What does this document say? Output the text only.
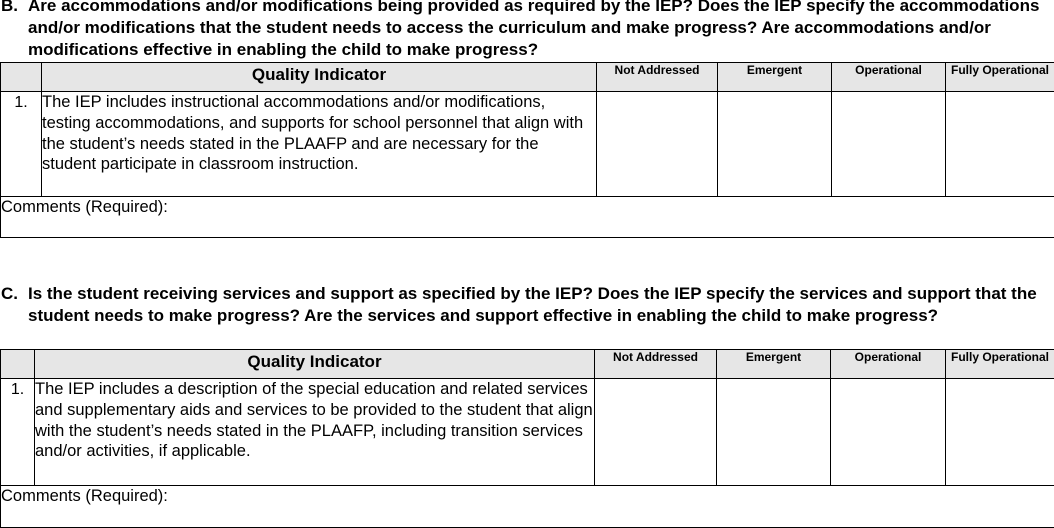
B. Are accommodations and/or modifications being provided as required by the IEP? Does the IEP specify the accommodations and/or modifications that the student needs to access the curriculum and make progress? Are accommodations and/or modifications effective in enabling the child to make progress?
	Quality Indicator	Not Addressed	Emergent	Operational	Fully Operational
1.	The IEP includes instructional accommodations and/or modifications, testing accommodations, and supports for school personnel that align with the student’s needs stated in the PLAAFP and are necessary for the student participate in classroom instruction.				
Comments (Required):					
C. Is the student receiving services and support as specified by the IEP? Does the IEP specify the services and support that the student needs to make progress? Are the services and support effective in enabling the child to make progress?
	Quality Indicator	Not Addressed	Emergent	Operational	Fully Operational
1.	The IEP includes a description of the special education and related services and supplementary aids and services to be provided to the student that align with the student’s needs stated in the PLAAFP, including transition services and/or activities, if applicable.				
Comments (Required):					
